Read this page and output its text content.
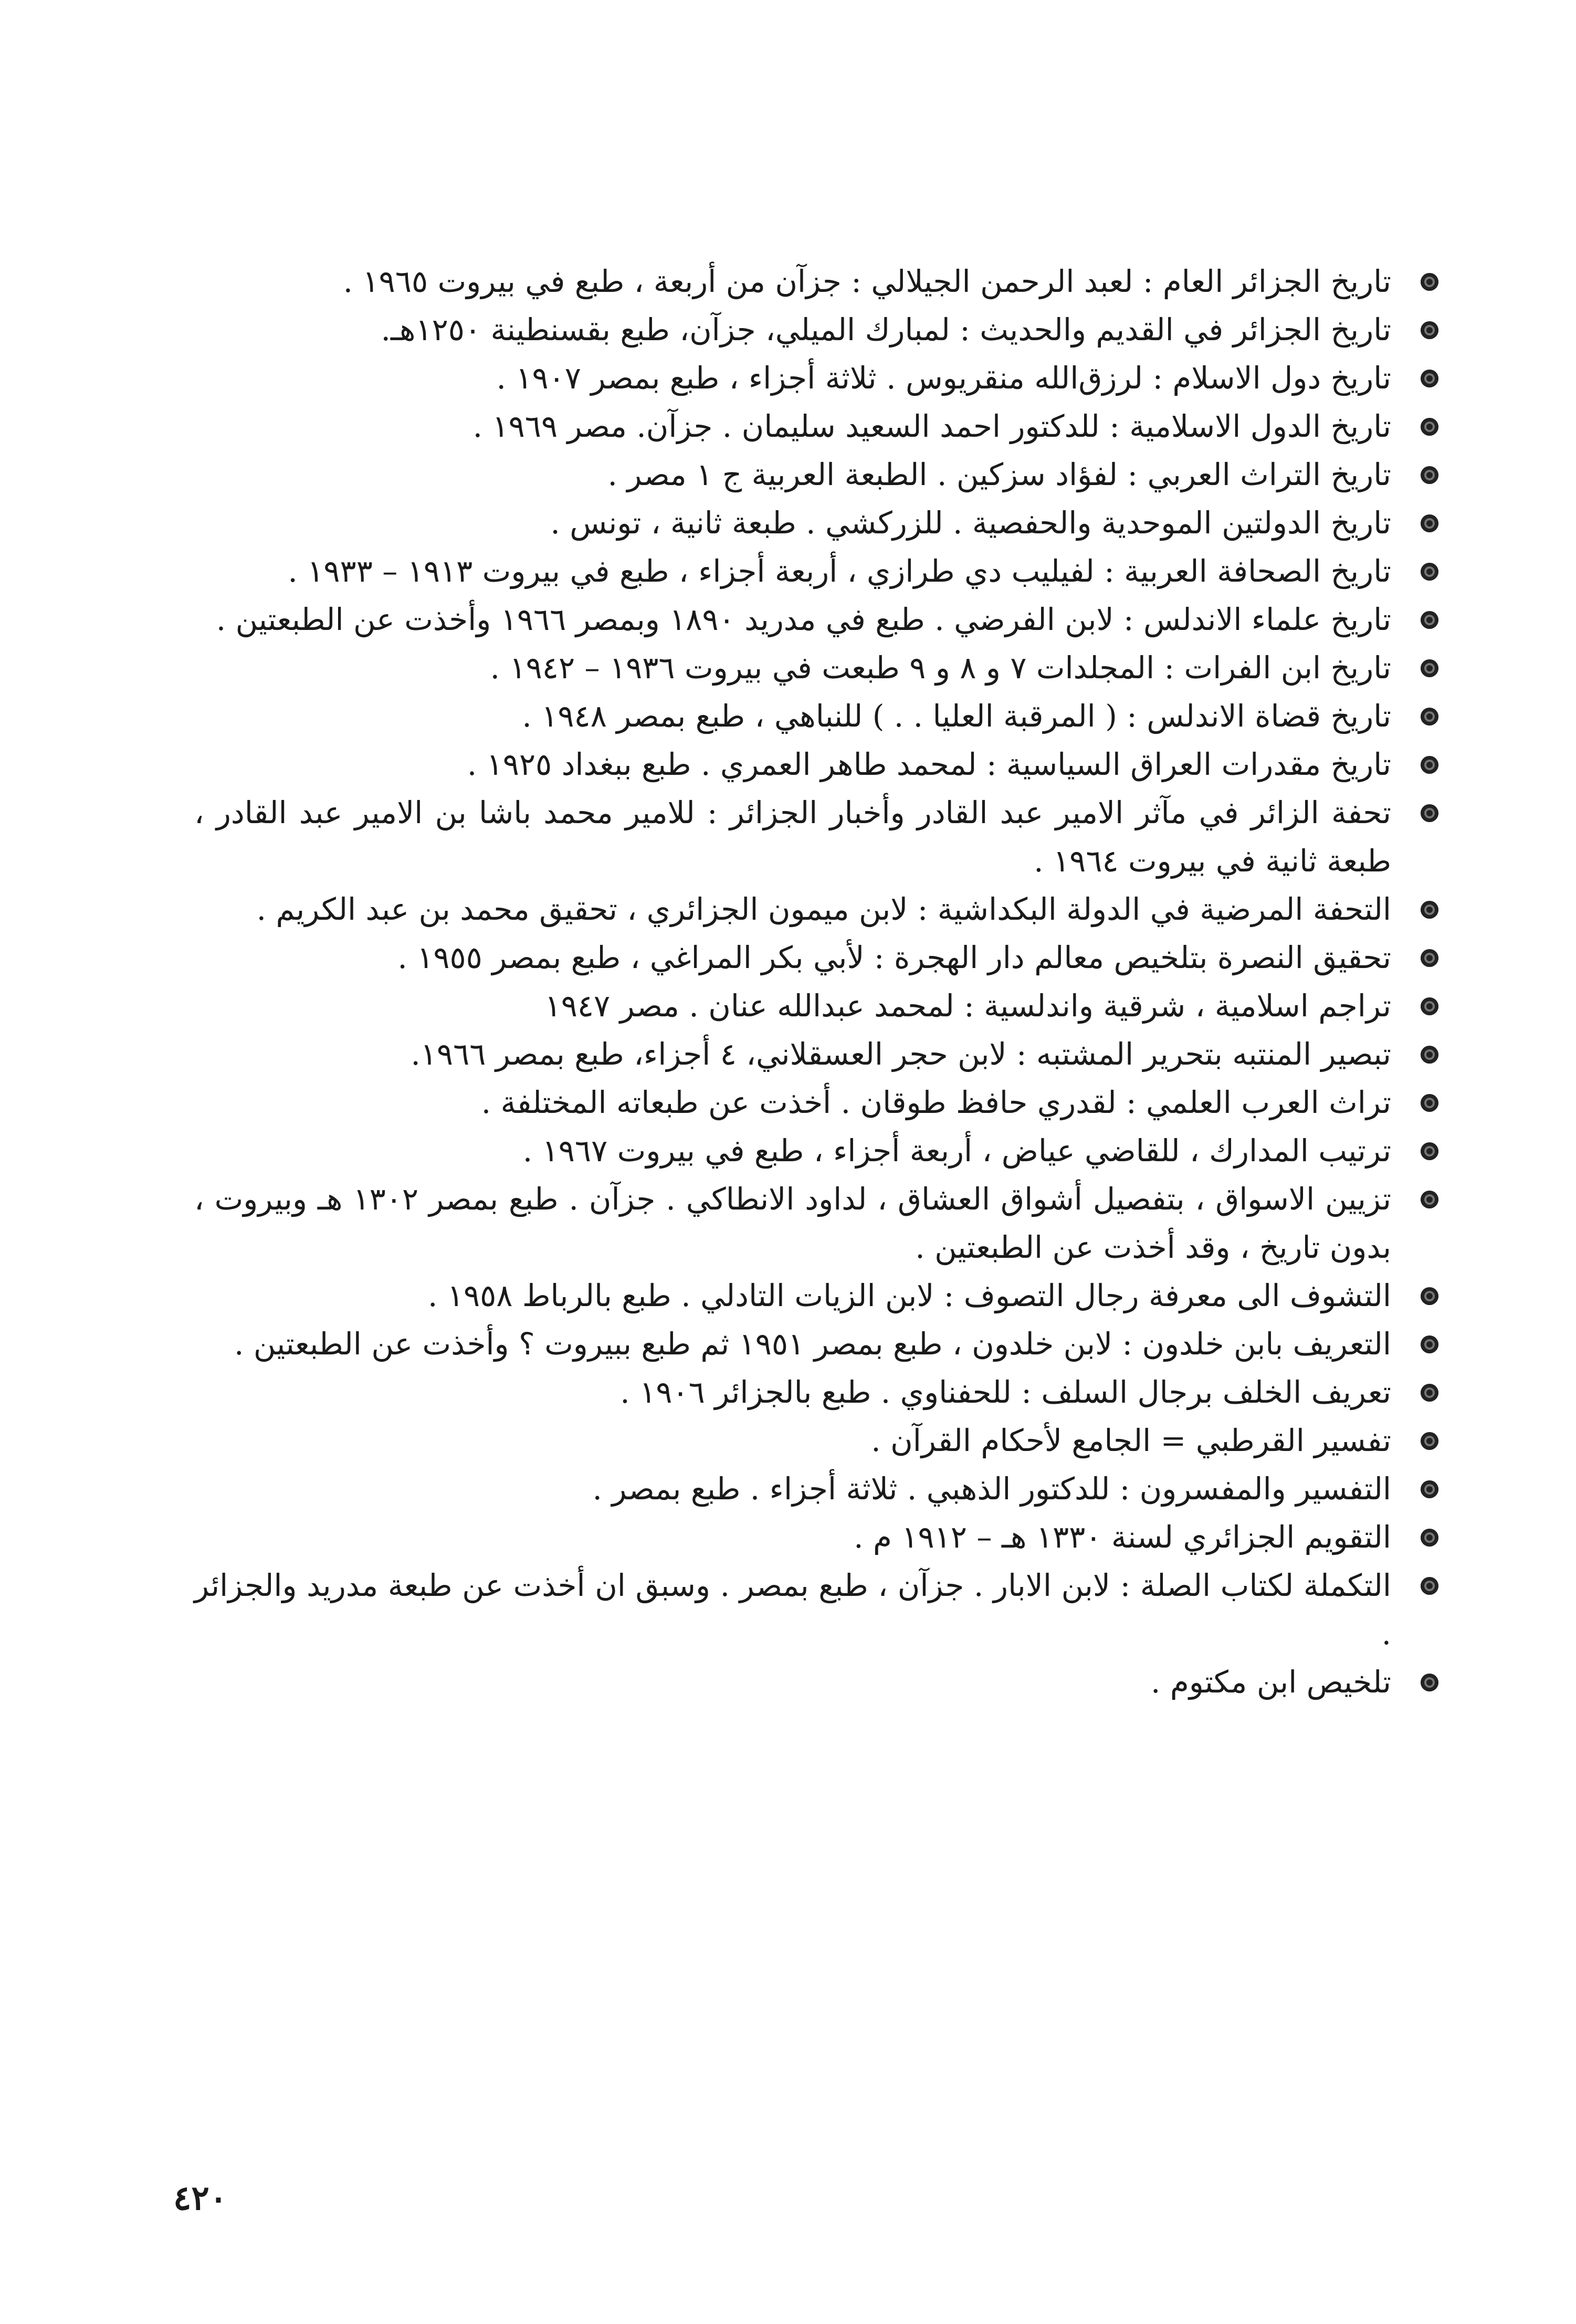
تاريخ الجزائر العام : لعبد الرحمن الجيلالي : جزآن من أربعة ، طبع في بيروت ١٩٦٥ .

تاريخ الجزائر في القديم والحديث : لمبارك الميلي، جزآن، طبع بقسنطينة ١٢٥٠هـ.

تاريخ دول الاسلام : لرزق‌الله منقريوس . ثلاثة أجزاء ، طبع بمصر ١٩٠٧ .

تاريخ الدول الاسلامية : للدكتور احمد السعيد سليمان . جزآن. مصر ١٩٦٩ .

تاريخ التراث العربي : لفؤاد سزكين . الطبعة العربية ج ١ مصر .

تاريخ الدولتين الموحدية والحفصية . للزركشي . طبعة ثانية ، تونس .

تاريخ الصحافة العربية : لفيليب دي طرازي ، أربعة أجزاء ، طبع في بيروت ١٩١٣ – ١٩٣٣ .

تاريخ علماء الاندلس : لابن الفرضي . طبع في مدريد ١٨٩٠ وبمصر ١٩٦٦ وأخذت عن الطبعتين .

تاريخ ابن الفرات : المجلدات ٧ و ٨ و ٩ طبعت في بيروت ١٩٣٦ – ١٩٤٢ .

تاريخ قضاة الاندلس : ( المرقبة العليا . . ) للنباهي ، طبع بمصر ١٩٤٨ .

تاريخ مقدرات العراق السياسية : لمحمد طاهر العمري . طبع ببغداد ١٩٢٥ .

تحفة الزائر في مآثر الامير عبد القادر وأخبار الجزائر : للامير محمد باشا بن الامير عبد القادر ، طبعة ثانية في بيروت ١٩٦٤ .

التحفة المرضية في الدولة البكداشية : لابن ميمون الجزائري ، تحقيق محمد بن عبد الكريم .

تحقيق النصرة بتلخيص معالم دار الهجرة : لأبي بكر المراغي ، طبع بمصر ١٩٥٥ .

تراجم اسلامية ، شرقية واندلسية : لمحمد عبدالله عنان . مصر ١٩٤٧

تبصير المنتبه بتحرير المشتبه : لابن حجر العسقلاني، ٤ أجزاء، طبع بمصر ١٩٦٦.

تراث العرب العلمي : لقدري حافظ طوقان . أخذت عن طبعاته المختلفة .

ترتيب المدارك ، للقاضي عياض ، أربعة أجزاء ، طبع في بيروت ١٩٦٧ .

تزيين الاسواق ، بتفصيل أشواق العشاق ، لداود الانطاكي . جزآن . طبع بمصر ١٣٠٢ هـ وبيروت ، بدون تاريخ ، وقد أخذت عن الطبعتين .

التشوف الى معرفة رجال التصوف : لابن الزيات التادلي . طبع بالرباط ١٩٥٨ .

التعريف بابن خلدون : لابن خلدون ، طبع بمصر ١٩٥١ ثم طبع ببيروت ؟ وأخذت عن الطبعتين .

تعريف الخلف برجال السلف : للحفناوي . طبع بالجزائر ١٩٠٦ .

تفسير القرطبي = الجامع لأحكام القرآن .

التفسير والمفسرون : للدكتور الذهبي . ثلاثة أجزاء . طبع بمصر .

التقويم الجزائري لسنة ١٣٣٠ هـ – ١٩١٢ م .

التكملة لكتاب الصلة : لابن الابار . جزآن ، طبع بمصر . وسبق ان أخذت عن طبعة مدريد والجزائر .

تلخيص ابن مكتوم .

٤٢٠
